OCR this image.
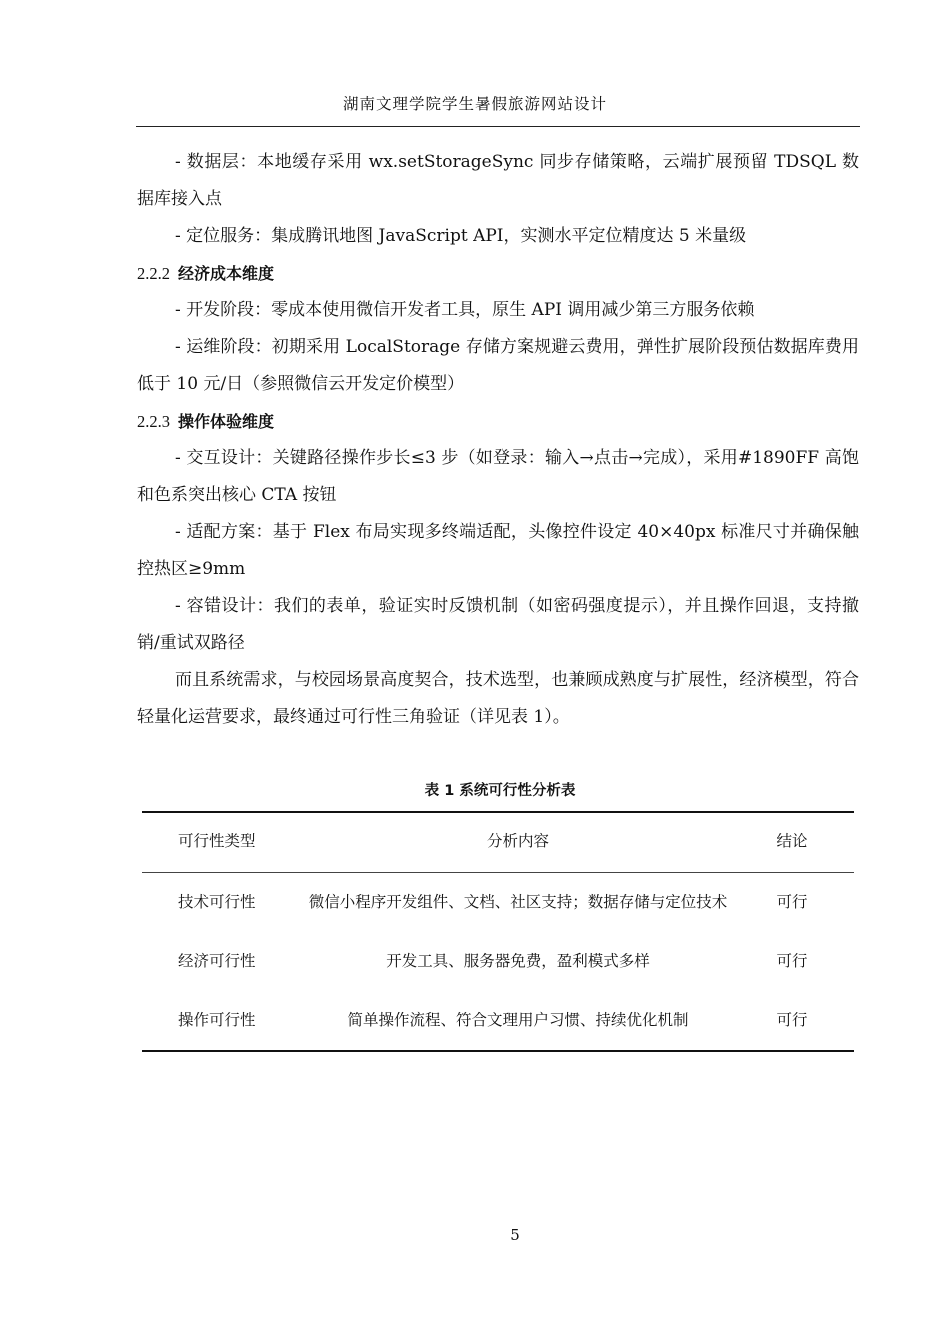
湖南文理学院学生暑假旅游网站设计

- 数据层：本地缓存采用 wx.setStorageSync 同步存储策略，云端扩展预留 TDSQL 数据库接入点

- 定位服务：集成腾讯地图 JavaScript API，实测水平定位精度达 5 米量级

2.2.2 经济成本维度

- 开发阶段：零成本使用微信开发者工具，原生 API 调用减少第三方服务依赖

- 运维阶段：初期采用 LocalStorage 存储方案规避云费用，弹性扩展阶段预估数据库费用低于 10 元/日（参照微信云开发定价模型）

2.2.3 操作体验维度

- 交互设计：关键路径操作步长≤3 步（如登录：输入→点击→完成），采用#1890FF 高饱和色系突出核心 CTA 按钮

- 适配方案：基于 Flex 布局实现多终端适配，头像控件设定 40×40px 标准尺寸并确保触控热区≥9mm

- 容错设计：我们的表单，验证实时反馈机制（如密码强度提示），并且操作回退，支持撤销/重试双路径

而且系统需求，与校园场景高度契合，技术选型，也兼顾成熟度与扩展性，经济模型，符合轻量化运营要求，最终通过可行性三角验证（详见表 1）。

表 1 系统可行性分析表
可行性类型	分析内容	结论
技术可行性	微信小程序开发组件、文档、社区支持；数据存储与定位技术	可行
经济可行性	开发工具、服务器免费，盈利模式多样	可行
操作可行性	简单操作流程、符合文理用户习惯、持续优化机制	可行
5
